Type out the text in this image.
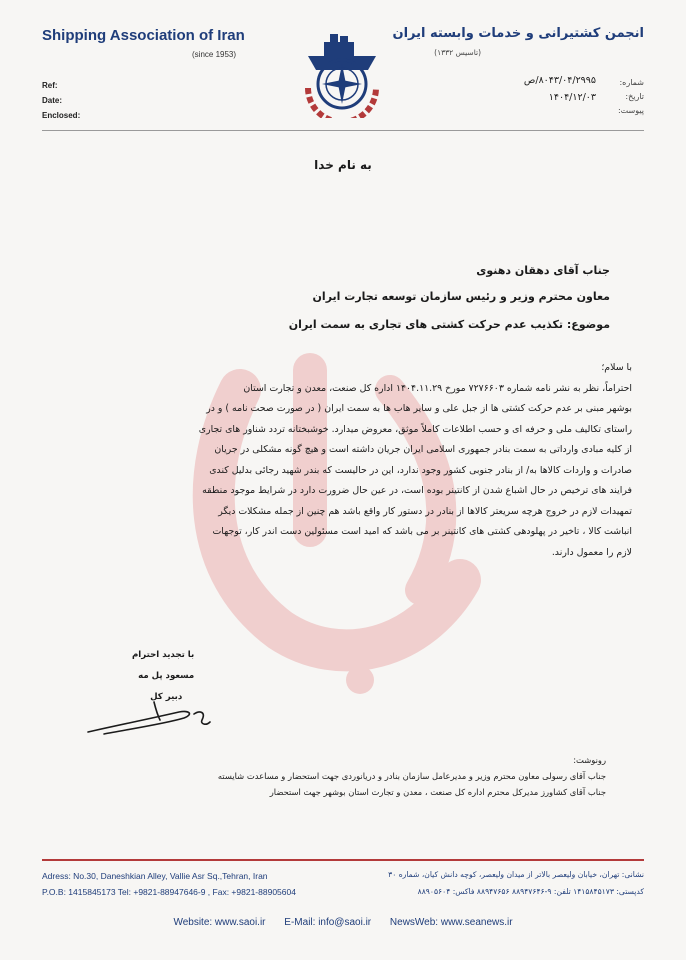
Shipping Association of Iran
(since 1953)
انجمن کشتیرانی و خدمات وابسته ایران
(تاسیس ۱۳۳۲)
Ref:
Date:
Enclosed:
شماره:
تاریخ:
پیوست:
۸۰۴۳/۰۴/۲۹۹۵/ص
۱۴۰۴/۱۲/۰۳
به نام خدا
جناب آقای دهقان دهنوی
معاون محترم وزیر و رئیس سازمان توسعه تجارت ایران
موضوع: تکذیب عدم حرکت کشتی های تجاری به سمت ایران
با سلام؛
احتراماً، نظر به نشر نامه شماره ۷۲۷۶۶۰۳ مورخ ۱۴۰۴.۱۱.۲۹ اداره کل صنعت، معدن و تجارت استان
بوشهر مبنی بر عدم حرکت کشتی ها از جبل علی و سایر هاب ها به سمت ایران ( در صورت صحت نامه ) و در
راستای تکالیف ملی و حرفه ای و حسب اطلاعات کاملاً موثق، معروض میدارد. خوشبختانه تردد شناور های تجاری
از کلیه مبادی وارداتی به سمت بنادر جمهوری اسلامی ایران جریان داشته است و هیچ گونه مشکلی در جریان
صادرات و واردات کالاها به/ از بنادر جنوبی کشور وجود ندارد، این در حالیست که بندر شهید رجائی بدلیل کندی
فرایند های ترخیص در حال اشباع شدن از کانتینر بوده است، در عین حال ضرورت دارد در شرایط موجود منطقه
تمهیدات لازم در خروج هرچه سریعتر کالاها از بنادر در دستور کار واقع باشد هم چنین از جمله مشکلات دیگر
انباشت کالا ، تاخیر در پهلودهی کشتی های کانتینر بر می باشد که امید است مسئولین دست اندر کار، توجهات
لازم را معمول دارند.
با تجدید احترام
مسعود پل مه
دبیر کل
رونوشت:
جناب آقای رسولی معاون محترم وزیر و مدیرعامل سازمان بنادر و دریانوردی جهت استحضار و مساعدت شایسته
جناب آقای کشاورز مدیرکل محترم اداره کل صنعت ، معدن و تجارت استان بوشهر جهت استحضار
Adress: No.30, Daneshkian Alley, Vallie Asr Sq.,Tehran, Iran
P.O.B: 1415845173 Tel: +9821-88947646-9 , Fax: +9821-88905604
نشانی: تهران، خیابان ولیعصر بالاتر از میدان ولیعصر، کوچه دانش کیان، شماره ۳۰
کدپستی: ۱۴۱۵۸۴۵۱۷۳ تلفن: ۹-۸۸۹۴۷۶۴۶ ۸۸۹۴۷۶۵۶ فاکس: ۸۸۹۰۵۶۰۴
Website: www.saoi.ir E-Mail: info@saoi.ir NewsWeb: www.seanews.ir
